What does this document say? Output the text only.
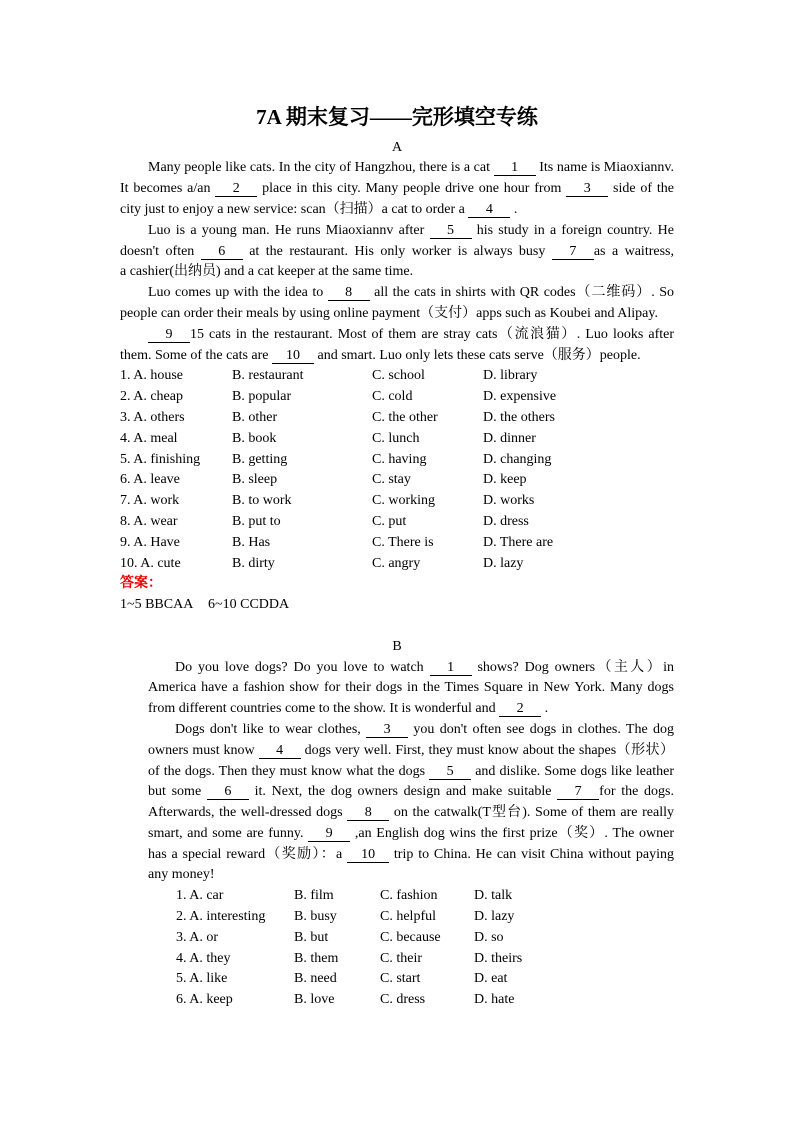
7A 期末复习——完形填空专练
A
Many people like cats. In the city of Hangzhou, there is a cat 1 Its name is Miaoxiannv.
It becomes a/an 2 place in this city. Many people drive one hour from 3 side of the
city just to enjoy a new service: scan（扫描）a cat to order a 4 .
Luo is a young man. He runs Miaoxiannv after 5 his study in a foreign country. He
doesn't often 6 at the restaurant. His only worker is always busy 7 as a waitress,
a cashier(出纳员) and a cat keeper at the same time.
Luo comes up with the idea to 8 all the cats in shirts with QR codes（二维码）. So
people can order their meals by using online payment（支付）apps such as Koubei and Alipay.
9 15 cats in the restaurant. Most of them are stray cats（流浪猫）. Luo looks after
them. Some of the cats are 10 and smart. Luo only lets these cats serve（服务）people.
1. A. house	B. restaurant	C. school	D. library
2. A. cheap	B. popular	C. cold	D. expensive
3. A. others	B. other	C. the other	D. the others
4. A. meal	B. book	C. lunch	D. dinner
5. A. finishing	B. getting	C. having	D. changing
6. A. leave	B. sleep	C. stay	D. keep
7. A. work	B. to work	C. working	D. works
8. A. wear	B. put to	C. put	D. dress
9. A. Have	B. Has	C. There is	D. There are
10. A. cute	B. dirty	C. angry	D. lazy
答案：
1~5 BBCAA 6~10 CCDDA
B
Do you love dogs? Do you love to watch 1 shows? Dog owners（主人）in
America have a fashion show for their dogs in the Times Square in New York. Many dogs
from different countries come to the show. It is wonderful and 2 .
Dogs don't like to wear clothes, 3 you don't often see dogs in clothes. The dog
owners must know 4 dogs very well. First, they must know about the shapes（形状）
of the dogs. Then they must know what the dogs 5 and dislike. Some dogs like leather
but some 6 it. Next, the dog owners design and make suitable 7 for the dogs.
Afterwards, the well-dressed dogs 8 on the catwalk(T型台). Some of them are really
smart, and some are funny. 9 ,an English dog wins the first prize（奖）. The owner
has a special reward（奖励）：a 10 trip to China. He can visit China without paying
any money!
1. A. car	B. film	C. fashion	D. talk
2. A. interesting	B. busy	C. helpful	D. lazy
3. A. or	B. but	C. because	D. so
4. A. they	B. them	C. their	D. theirs
5. A. like	B. need	C. start	D. eat
6. A. keep	B. love	C. dress	D. hate
